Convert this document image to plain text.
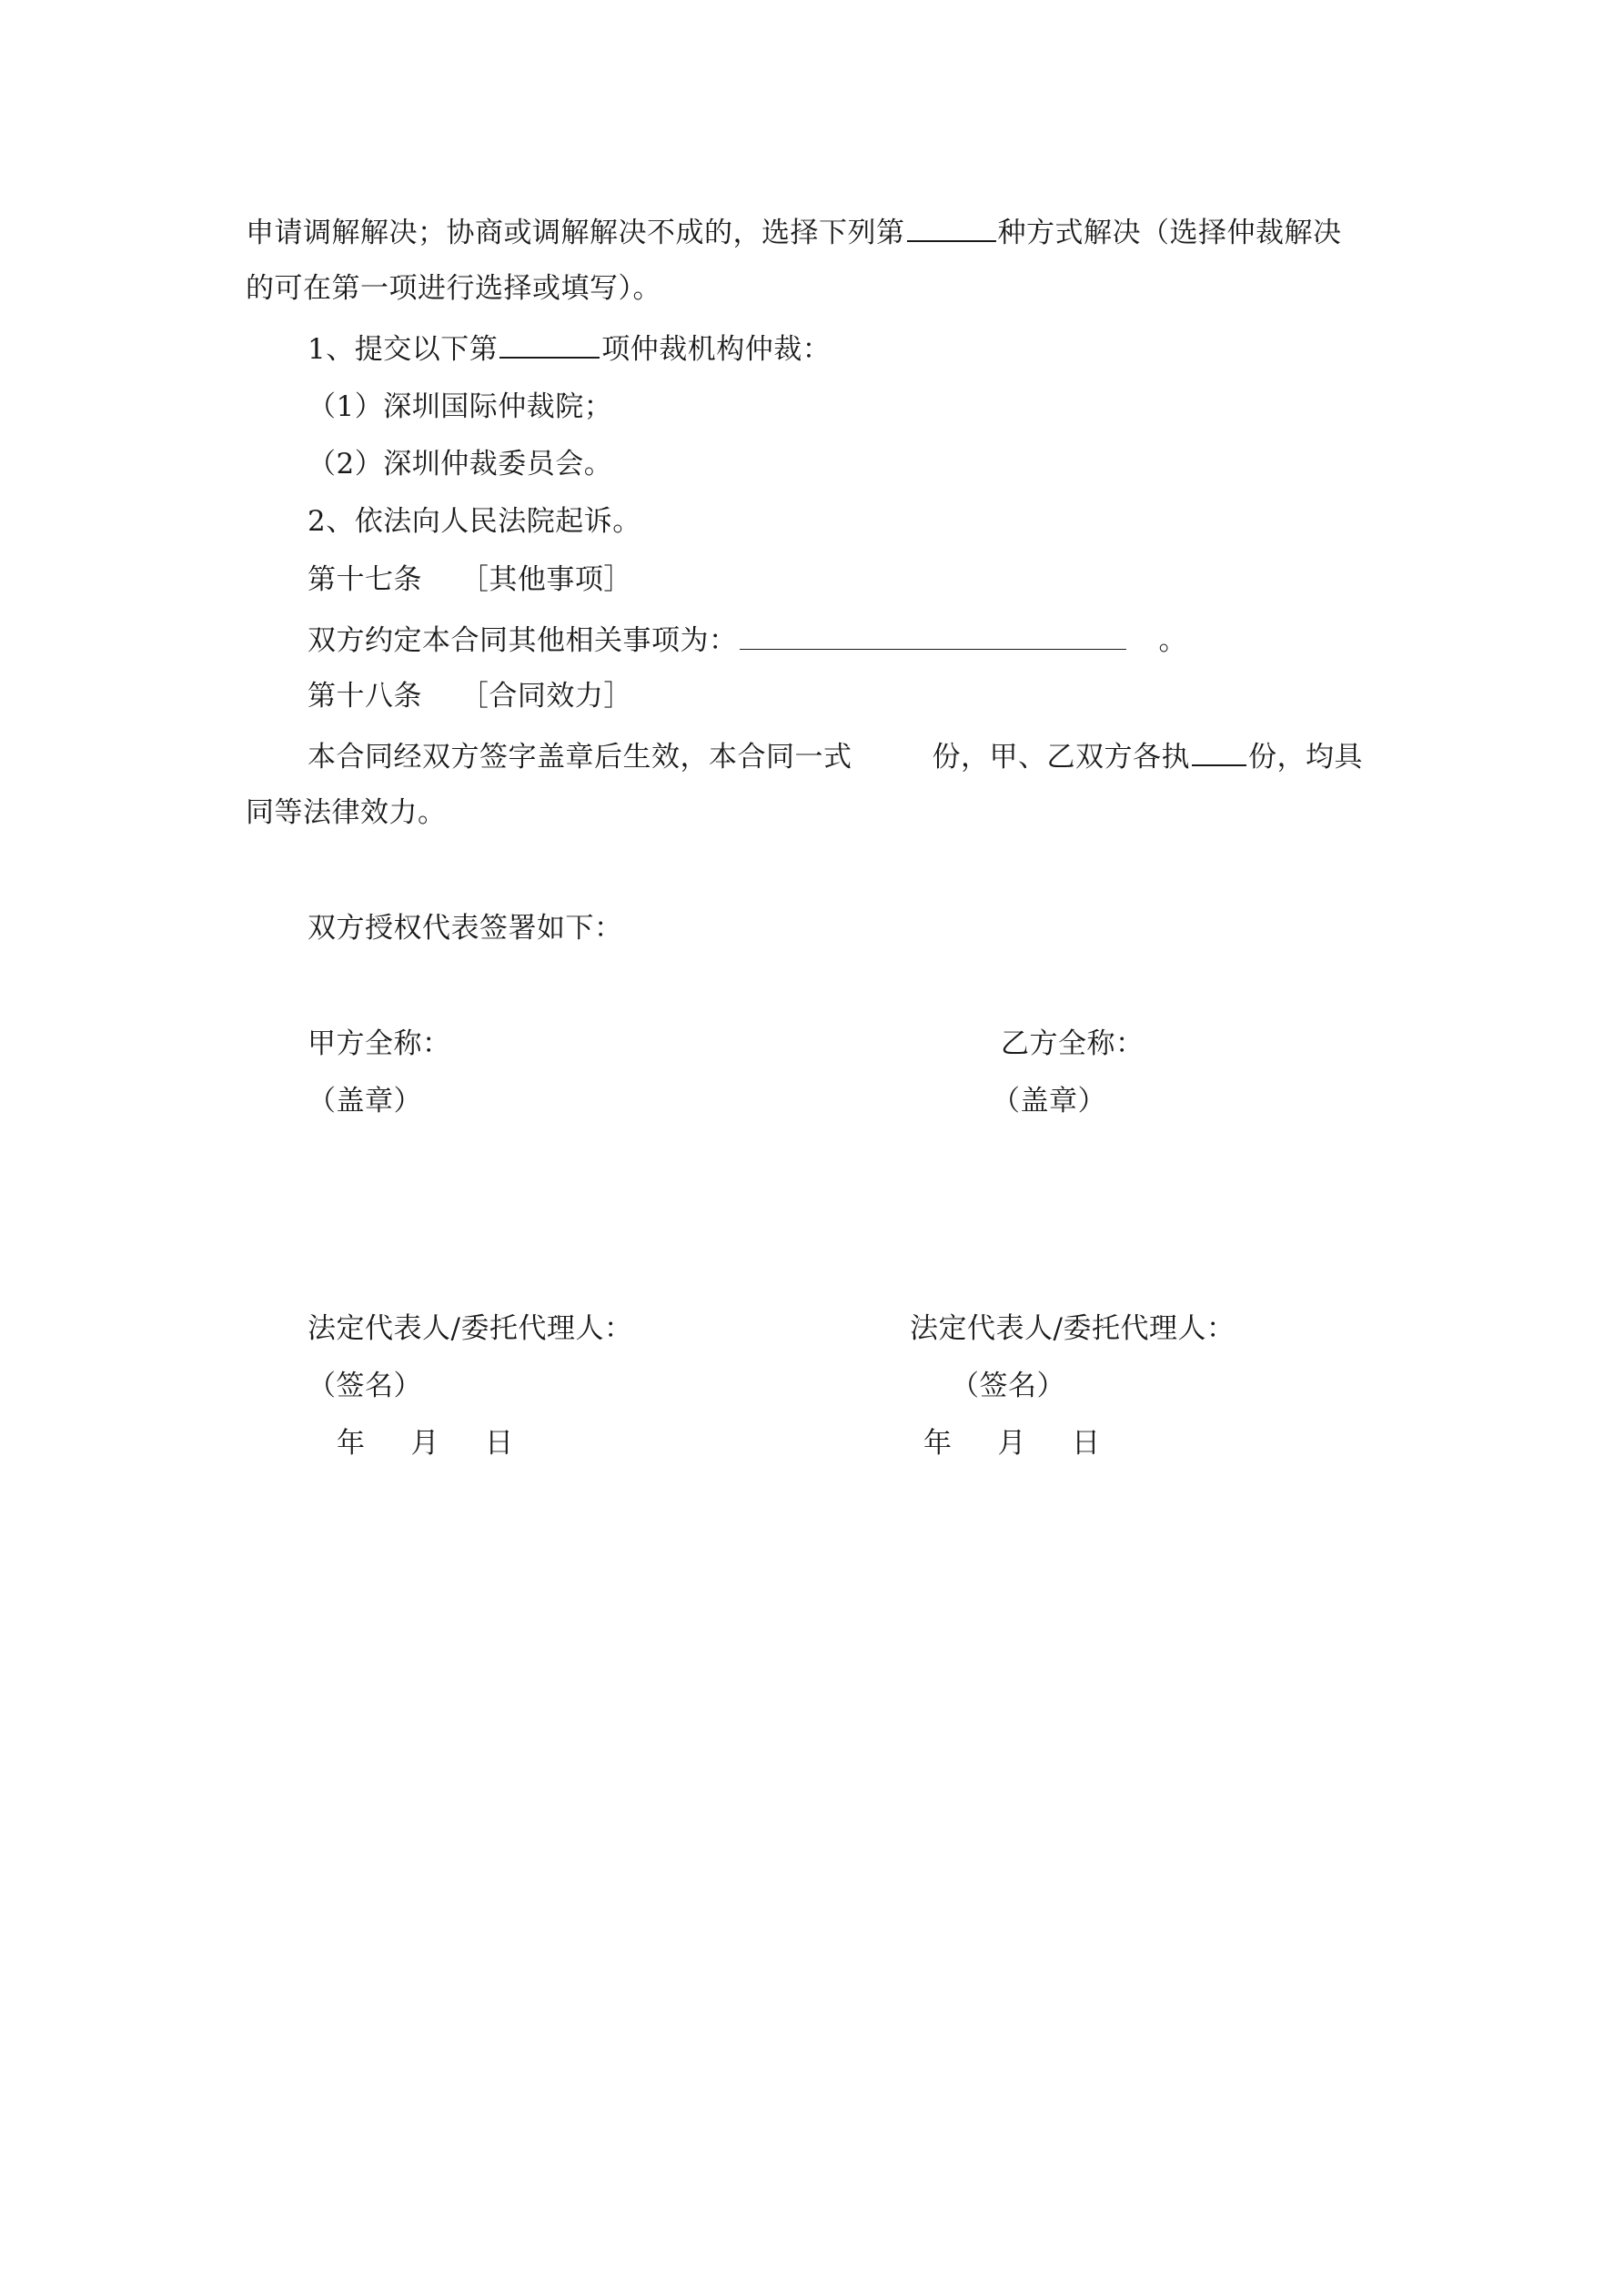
申请调解解决；协商或调解解决不成的，选择下列第	种方式解决（选择仲裁解决
的可在第一项进行选择或填写）。
1、提交以下第	项仲裁机构仲裁：
（1）深圳国际仲裁院；
（2）深圳仲裁委员会。
2、依法向人民法院起诉。
第十七条　 ［其他事项］
双方约定本合同其他相关事项为：	。
第十八条　 ［合同效力］
本合同经双方签字盖章后生效，本合同一式	份，甲、乙双方各执 份，均具
同等法律效力。
双方授权代表签署如下：
甲方全称：	乙方全称：
（盖章）	（盖章）
法定代表人/委托代理人：	法定代表人/委托代理人：
（签名）	（签名）
年 月 日	年 月 日
